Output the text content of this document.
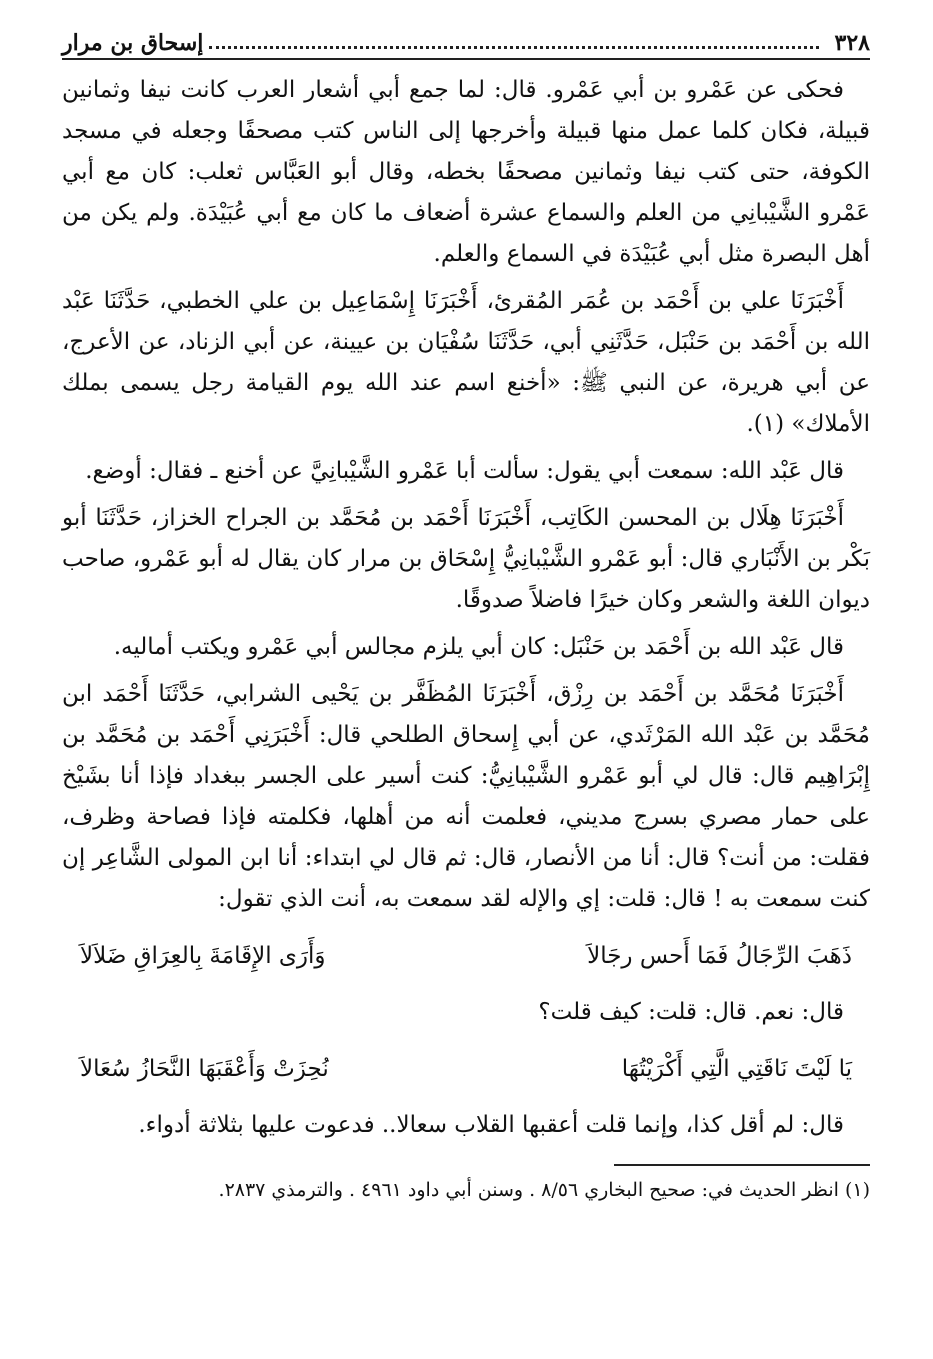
٣٢٨
إسحاق بن مرار

فحكى عن عَمْرو بن أبي عَمْرو. قال: لما جمع أبي أشعار العرب كانت نيفا وثمانين قبيلة، فكان كلما عمل منها قبيلة وأخرجها إلى الناس كتب مصحفًا وجعله في مسجد الكوفة، حتى كتب نيفا وثمانين مصحفًا بخطه، وقال أبو العَبَّاس ثعلب: كان مع أبي عَمْرو الشَّيْبانِي من العلم والسماع عشرة أضعاف ما كان مع أبي عُبَيْدَة. ولم يكن من أهل البصرة مثل أبي عُبَيْدَة في السماع والعلم.

أَخْبَرَنَا علي بن أَحْمَد بن عُمَر المُقرئ، أَخْبَرَنَا إِسْمَاعِيل بن علي الخطبي، حَدَّثَنَا عَبْد الله بن أَحْمَد بن حَنْبَل، حَدَّثَنِي أبي، حَدَّثَنَا سُفْيَان بن عيينة، عن أبي الزناد، عن الأعرج، عن أبي هريرة، عن النبي ﷺ: «أخنع اسم عند الله يوم القيامة رجل يسمى بملك الأملاك» (١).

قال عَبْد الله: سمعت أبي يقول: سألت أبا عَمْرو الشَّيْبانِيَّ عن أخنع ـ فقال: أوضع.

أَخْبَرَنَا هِلَال بن المحسن الكَاتِب، أَخْبَرَنَا أَحْمَد بن مُحَمَّد بن الجراح الخزاز، حَدَّثَنَا أبو بَكْر بن الأَنْبَاري قال: أبو عَمْرو الشَّيْبانِيُّ إِسْحَاق بن مرار كان يقال له أبو عَمْرو، صاحب ديوان اللغة والشعر وكان خيرًا فاضلاً صدوقًا.

قال عَبْد الله بن أَحْمَد بن حَنْبَل: كان أبي يلزم مجالس أبي عَمْرو ويكتب أماليه.

أَخْبَرَنَا مُحَمَّد بن أَحْمَد بن رِزْق، أَخْبَرَنَا المُظَفَّر بن يَحْيى الشرابي، حَدَّثَنَا أَحْمَد ابن مُحَمَّد بن عَبْد الله المَرْثَدي، عن أبي إِسحاق الطلحي قال: أَخْبَرَنِي أَحْمَد بن مُحَمَّد بن إِبْرَاهِيم قال: قال لي أبو عَمْرو الشَّيْبانِيُّ: كنت أسير على الجسر ببغداد فإذا أنا بشَيْخ على حمار مصري بسرج مديني، فعلمت أنه من أهلها، فكلمته فإذا فصاحة وظرف، فقلت: من أنت؟ قال: أنا من الأنصار، قال: ثم قال لي ابتداء: أنا ابن المولى الشَّاعِر إن كنت سمعت به ! قال: قلت: إي والإله لقد سمعت به، أنت الذي تقول:

ذَهَبَ الرِّجَالُ فَمَا أَحس رجَالاَ
وَأَرَى الإِقَامَةَ بِالعِرَاقِ ضَلاَلاَ

قال: نعم. قال: قلت: كيف قلت؟

يَا لَيْتَ نَاقَتِي الَّتِي أَكْرَيْتُهَا
نُحِزَتْ وَأَعْقَبَهَا النَّحَازُ سُعَالاَ

قال: لم أقل كذا، وإنما قلت أعقبها القلاب سعالا.. فدعوت عليها بثلاثة أدواء.

(١) انظر الحديث في: صحيح البخاري ٨/٥٦ . وسنن أبي داود ٤٩٦١ . والترمذي ٢٨٣٧.
